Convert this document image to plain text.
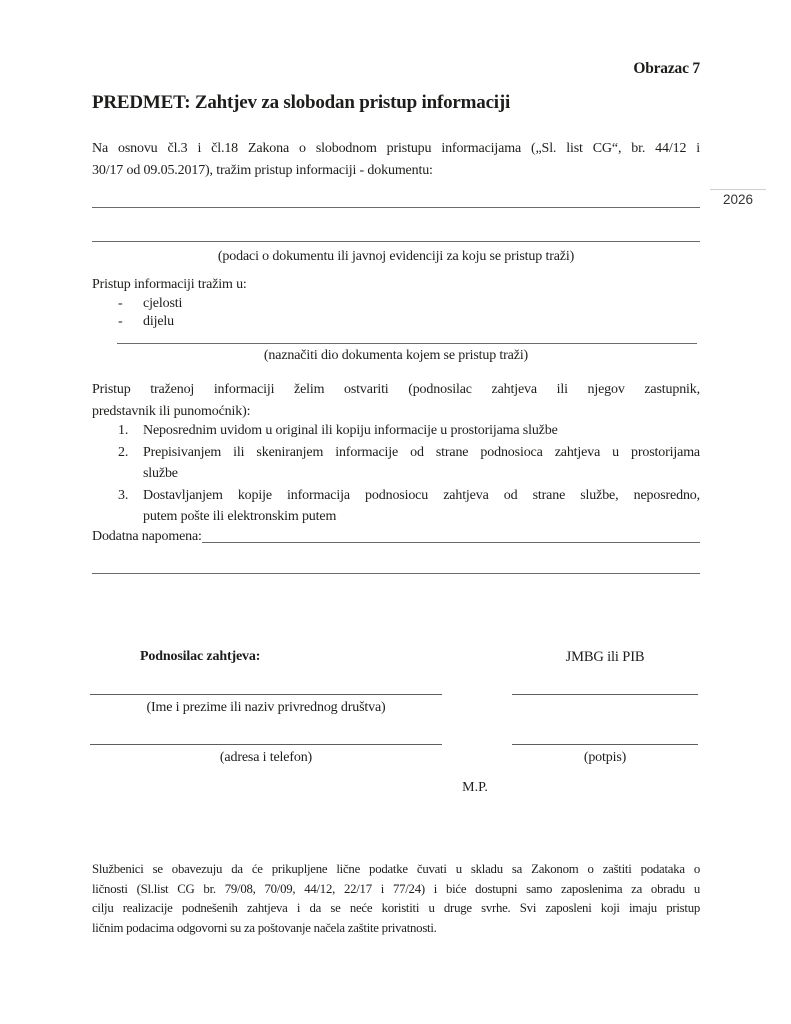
Obrazac 7
PREDMET: Zahtjev za slobodan pristup informaciji
Na osnovu čl.3 i čl.18 Zakona o slobodnom pristupu informacijama („Sl. list CG“, br. 44/12 i
30/17 od 09.05.2017), tražim pristup informaciji - dokumentu:
2026
(podaci o dokumentu ili javnoj evidenciji za koju se pristup traži)
Pristup informaciji tražim u:
- cjelosti
- dijelu
(naznačiti dio dokumenta kojem se pristup traži)
Pristup traženoj informaciji želim ostvariti (podnosilac zahtjeva ili njegov zastupnik,
predstavnik ili punomoćnik):
1.	Neposrednim uvidom u original ili kopiju informacije u prostorijama službe
2.	Prepisivanjem ili skeniranjem informacije od strane podnosioca zahtjeva u prostorijama
službe
3.	Dostavljanjem kopije informacija podnosiocu zahtjeva od strane službe, neposredno,
putem pošte ili elektronskim putem
Dodatna napomena:
Podnosilac zahtjeva:	JMBG ili PIB
(Ime i prezime ili naziv privrednog društva)
(adresa i telefon)	(potpis)
M.P.
Službenici se obavezuju da će prikupljene lične podatke čuvati u skladu sa Zakonom o zaštiti podataka o
ličnosti (Sl.list CG br. 79/08, 70/09, 44/12, 22/17 i 77/24) i biće dostupni samo zaposlenima za obradu u
cilju realizacije podnešenih zahtjeva i da se neće koristiti u druge svrhe. Svi zaposleni koji imaju pristup
ličnim podacima odgovorni su za poštovanje načela zaštite privatnosti.
